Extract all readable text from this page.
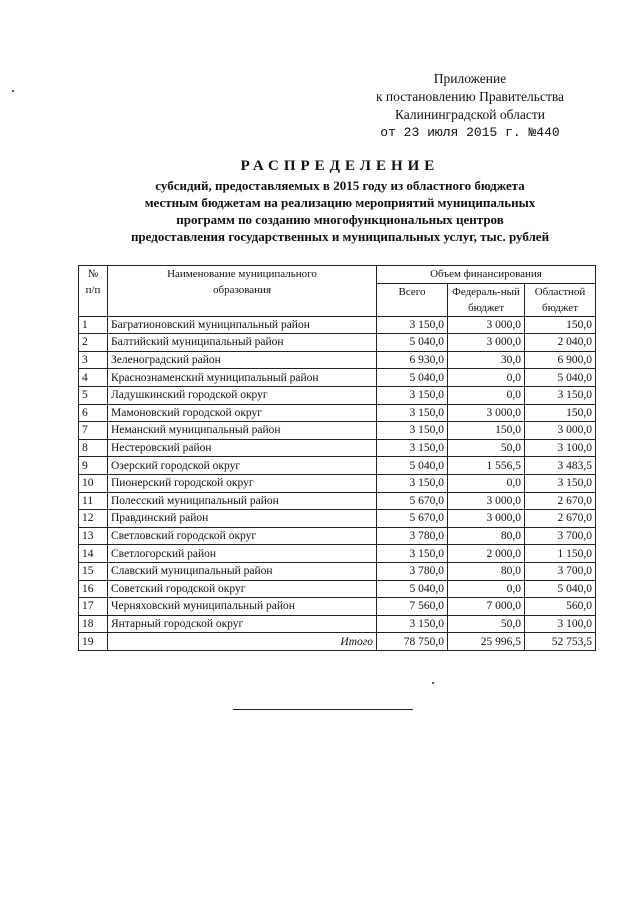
Приложение
к постановлению Правительства
Калининградской области
от 23 июля 2015 г. №440
РАСПРЕДЕЛЕНИЕ
субсидий, предоставляемых в 2015 году из областного бюджета
местным бюджетам на реализацию мероприятий муниципальных
программ по созданию многофункциональных центров
предоставления государственных и муниципальных услуг, тыс. рублей
№ п/п	Наименование муниципального образования	Объем финансирования		
		Всего	Федераль-ный бюджет	Областной бюджет
1	Багратионовский муниципальный район	3 150,0	3 000,0	150,0
2	Балтийский муниципальный район	5 040,0	3 000,0	2 040,0
3	Зеленоградский район	6 930,0	30,0	6 900,0
4	Краснознаменский муниципальный район	5 040,0	0,0	5 040,0
5	Ладушкинский городской округ	3 150,0	0,0	3 150,0
6	Мамоновский городской округ	3 150,0	3 000,0	150,0
7	Неманский муниципальный район	3 150,0	150,0	3 000,0
8	Нестеровский район	3 150,0	50,0	3 100,0
9	Озерский городской округ	5 040,0	1 556,5	3 483,5
10	Пионерский городской округ	3 150,0	0,0	3 150,0
11	Полесский муниципальный район	5 670,0	3 000,0	2 670,0
12	Правдинский район	5 670,0	3 000,0	2 670,0
13	Светловский городской округ	3 780,0	80,0	3 700,0
14	Светлогорский район	3 150,0	2 000,0	1 150,0
15	Славский муниципальный район	3 780,0	80,0	3 700,0
16	Советский городской округ	5 040,0	0,0	5 040,0
17	Черняховский муниципальный район	7 560,0	7 000,0	560,0
18	Янтарный городской округ	3 150,0	50,0	3 100,0
19	Итого	78 750,0	25 996,5	52 753,5
